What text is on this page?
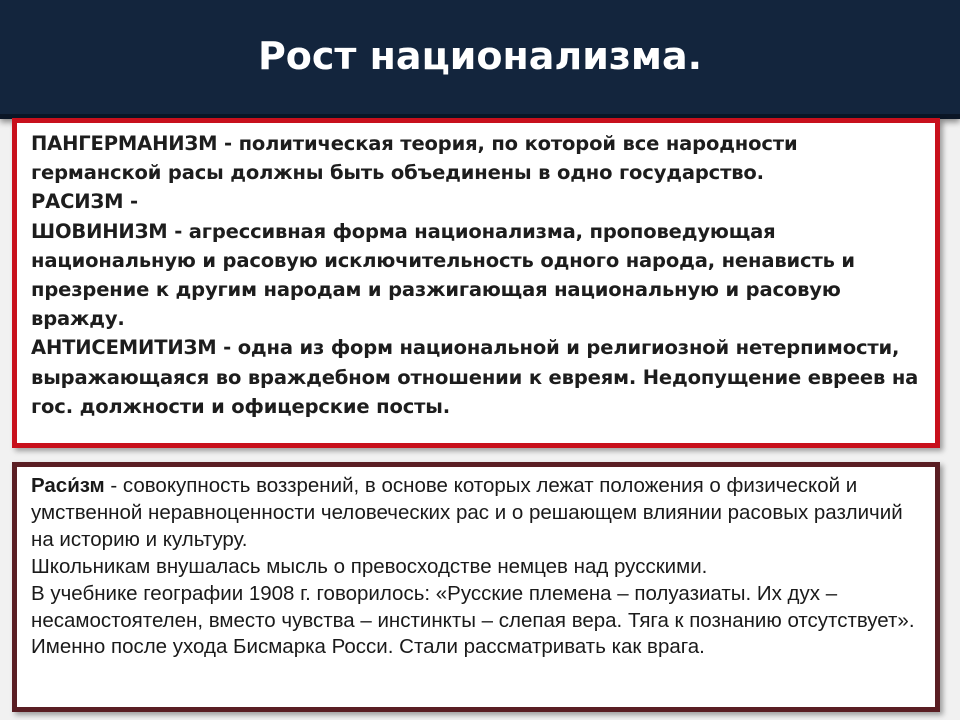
Рост национализма.

ПАНГЕРМАНИЗМ - политическая теория, по которой все народности германской расы должны быть объединены в одно государство.

РАСИЗМ -

ШОВИНИЗМ - агрессивная форма национализма, проповедующая национальную и расовую исключительность одного народа, ненависть и презрение к другим народам и разжигающая национальную и расовую вражду.

АНТИСЕМИТИЗМ - одна из форм национальной и религиозной нетерпимости, выражающаяся во враждебном отношении к евреям. Недопущение евреев на гос. должности и офицерские посты.

Раси́зм - совокупность воззрений, в основе которых лежат положения о физической и умственной неравноценности человеческих рас и о решающем влиянии расовых различий на историю и культуру.

Школьникам внушалась мысль о превосходстве немцев над русскими.

В учебнике географии 1908 г. говорилось: «Русские племена – полуазиаты. Их дух – несамостоятелен, вместо чувства – инстинкты – слепая вера. Тяга к познанию отсутствует». Именно после ухода Бисмарка Росси. Стали рассматривать как врага.
